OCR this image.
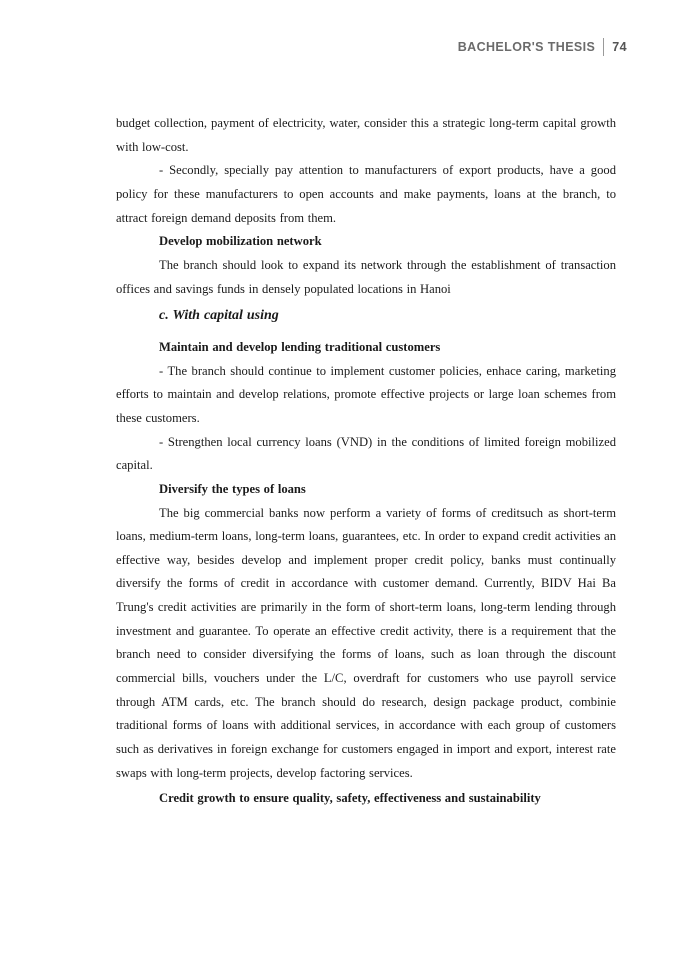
BACHELOR'S THESIS 74

budget collection, payment of electricity, water, consider this a strategic long-term capital growth with low-cost.

- Secondly, specially pay attention to manufacturers of export products, have a good policy for these manufacturers to open accounts and make payments, loans at the branch, to attract foreign demand deposits from them.

Develop mobilization network

The branch should look to expand its network through the establishment of transaction offices and savings funds in densely populated locations in Hanoi

c. With capital using

Maintain and develop lending traditional customers

- The branch should continue to implement customer policies, enhace caring, marketing efforts to maintain and develop relations, promote effective projects or large loan schemes from these customers.

- Strengthen local currency loans (VND) in the conditions of limited foreign mobilized capital.

Diversify the types of loans

The big commercial banks now perform a variety of forms of creditsuch as short-term loans, medium-term loans, long-term loans, guarantees, etc. In order to expand credit activities an effective way, besides develop and implement proper credit policy, banks must continually diversify the forms of credit in accordance with customer demand. Currently, BIDV Hai Ba Trung's credit activities are primarily in the form of short-term loans, long-term lending through investment and guarantee. To operate an effective credit activity, there is a requirement that the branch need to consider diversifying the forms of loans, such as loan through the discount commercial bills, vouchers under the L/C, overdraft for customers who use payroll service through ATM cards, etc. The branch should do research, design package product, combinie traditional forms of loans with additional services, in accordance with each group of customers such as derivatives in foreign exchange for customers engaged in import and export, interest rate swaps with long-term projects, develop factoring services.

Credit growth to ensure quality, safety, effectiveness and sustainability
